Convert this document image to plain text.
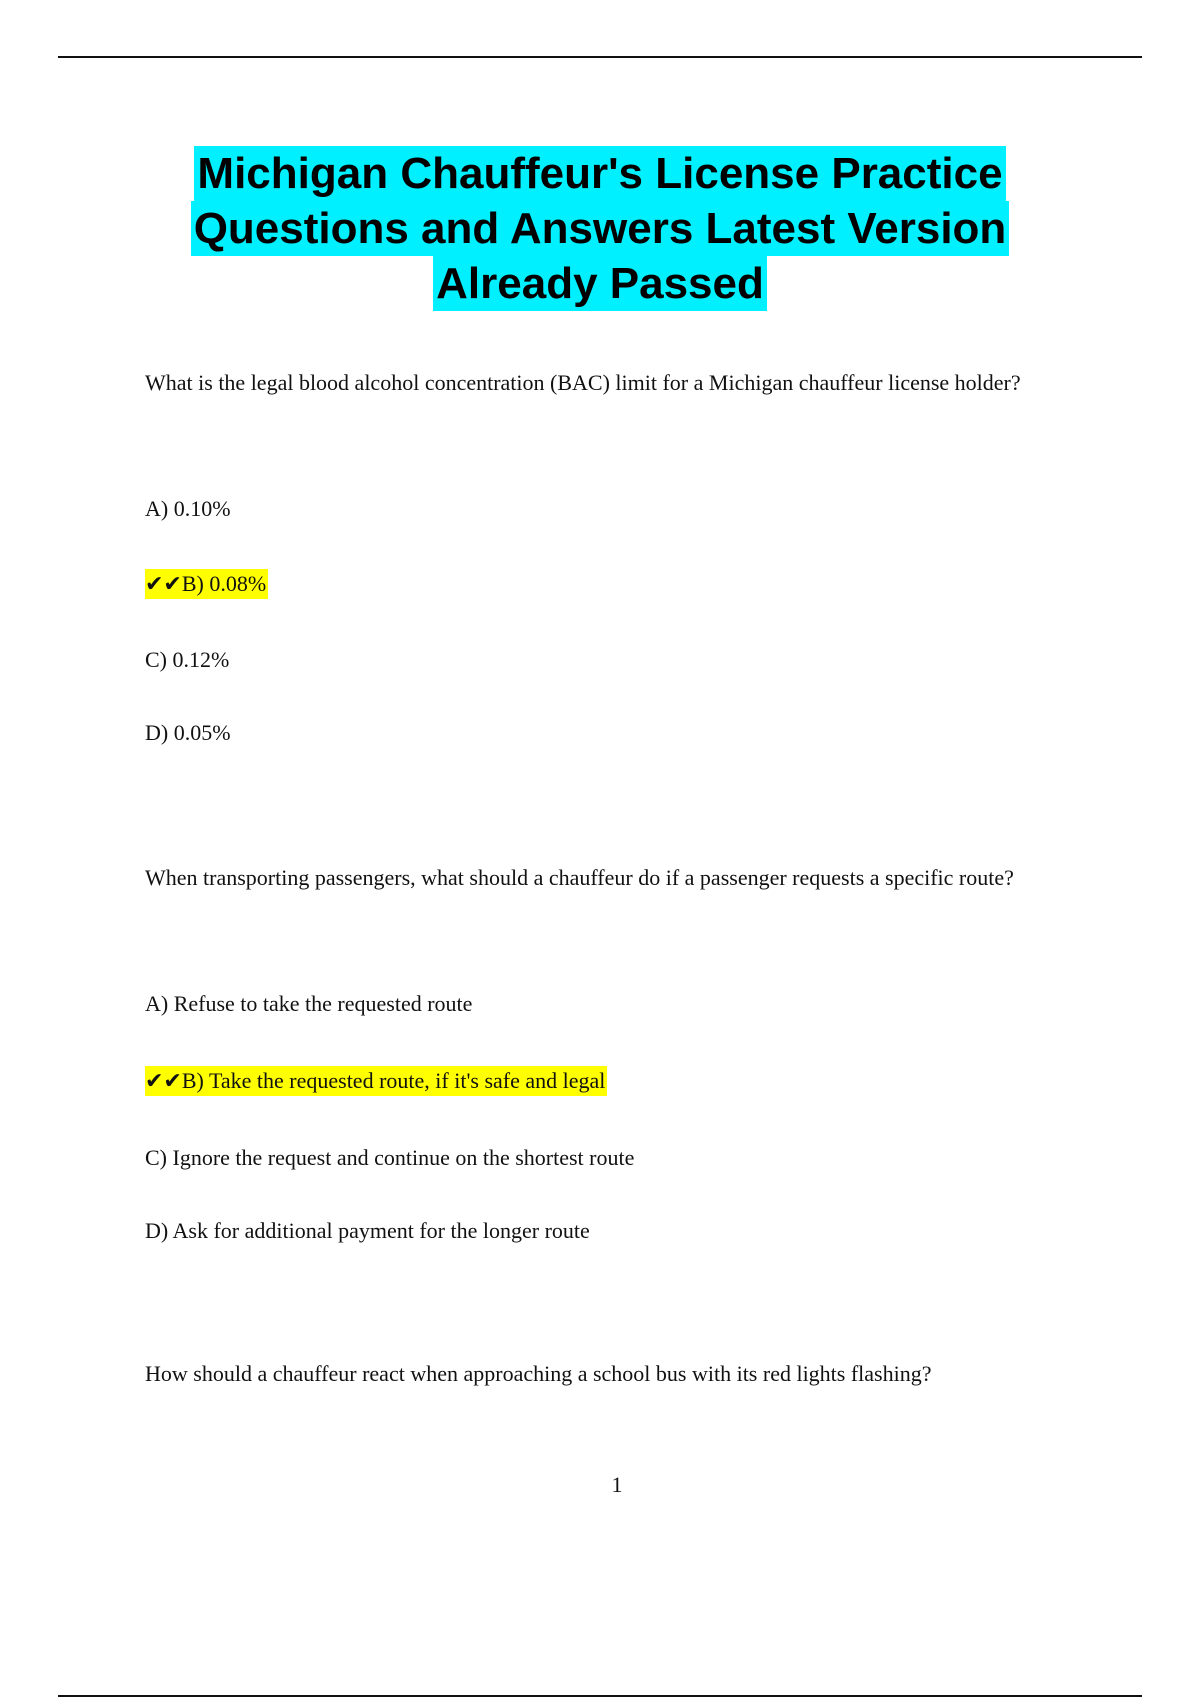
Michigan Chauffeur's License Practice
Questions and Answers Latest Version
Already Passed
What is the legal blood alcohol concentration (BAC) limit for a Michigan chauffeur license holder?
A) 0.10%
✔✔B) 0.08%
C) 0.12%
D) 0.05%
When transporting passengers, what should a chauffeur do if a passenger requests a specific route?
A) Refuse to take the requested route
✔✔B) Take the requested route, if it's safe and legal
C) Ignore the request and continue on the shortest route
D) Ask for additional payment for the longer route
How should a chauffeur react when approaching a school bus with its red lights flashing?
1
